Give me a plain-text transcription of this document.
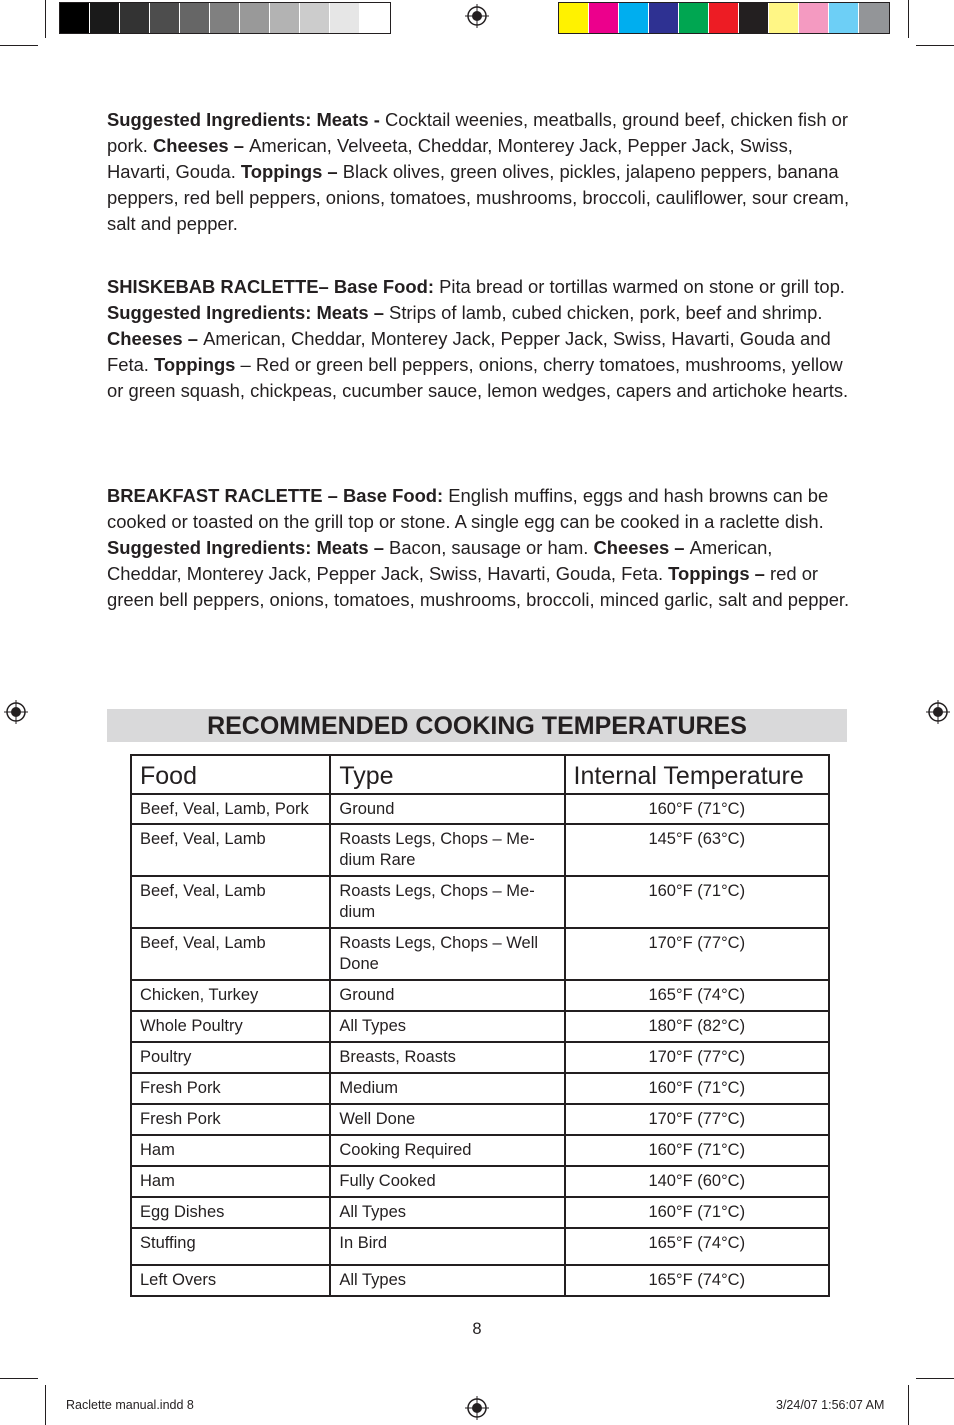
Suggested Ingredients: Meats - Cocktail weenies, meatballs, ground beef, chicken fish or pork. Cheeses – American, Velveeta, Cheddar, Monterey Jack, Pepper Jack, Swiss, Havarti, Gouda. Toppings – Black olives, green olives, pickles, jalapeno peppers, banana peppers, red bell peppers, onions, tomatoes, mushrooms, broccoli, cauliflower, sour cream, salt and pepper.

SHISKEBAB RACLETTE– Base Food: Pita bread or tortillas warmed on stone or grill top.

Suggested Ingredients: Meats – Strips of lamb, cubed chicken, pork, beef and shrimp. Cheeses – American, Cheddar, Monterey Jack, Pepper Jack, Swiss, Havarti, Gouda and Feta. Toppings – Red or green bell peppers, onions, cherry tomatoes, mushrooms, yellow or green squash, chickpeas, cucumber sauce, lemon wedges, capers and artichoke hearts.

BREAKFAST RACLETTE – Base Food: English muffins, eggs and hash browns can be cooked or toasted on the grill top or stone. A single egg can be cooked in a raclette dish.

Suggested Ingredients: Meats – Bacon, sausage or ham. Cheeses – American, Cheddar, Monterey Jack, Pepper Jack, Swiss, Havarti, Gouda, Feta. Toppings – red or green bell peppers, onions, tomatoes, mushrooms, broccoli, minced garlic, salt and pepper.

RECOMMENDED COOKING TEMPERATURES
Food	Type	Internal Temperature
Beef, Veal, Lamb, Pork	Ground	160°F (71°C)
Beef, Veal, Lamb	Roasts Legs, Chops – Me-dium Rare	145°F (63°C)
Beef, Veal, Lamb	Roasts Legs, Chops – Me-dium	160°F (71°C)
Beef, Veal, Lamb	Roasts Legs, Chops – Well Done	170°F (77°C)
Chicken, Turkey	Ground	165°F (74°C)
Whole Poultry	All Types	180°F (82°C)
Poultry	Breasts, Roasts	170°F (77°C)
Fresh Pork	Medium	160°F (71°C)
Fresh Pork	Well Done	170°F (77°C)
Ham	Cooking Required	160°F (71°C)
Ham	Fully Cooked	140°F (60°C)
Egg Dishes	All Types	160°F (71°C)
Stuffing	In Bird	165°F (74°C)
Left Overs	All Types	165°F (74°C)
8
Raclette manual.indd 8	3/24/07 1:56:07 AM
